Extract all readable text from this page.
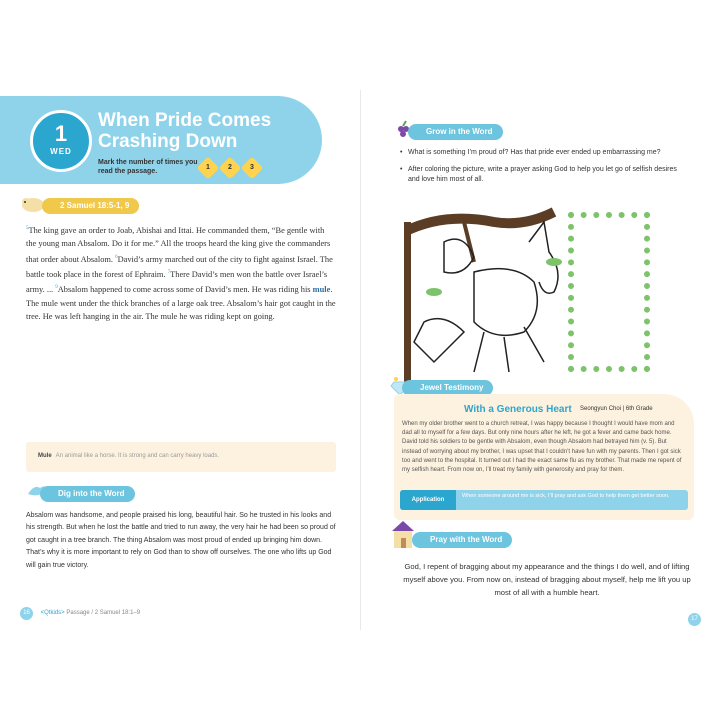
1
WED
When Pride Comes
Crashing Down
Mark the number of times you read the passage.
1	2	3
2 Samuel 18:5-1, 9
$^5$The king gave an order to Joab, Abishai and Ittai. He commanded them, “Be gentle with the young man Absalom. Do it for me.” All the troops heard the king give the commanders that order about Absalom. $^6$David’s army marched out of the city to fight against Israel. The battle took place in the forest of Ephraim. $^7$There David’s men won the battle over Israel’s army. ... $^9$Absalom happened to come across some of David’s men. He was riding his mule. The mule went under the thick branches of a large oak tree. Absalom’s hair got caught in the tree. He was left hanging in the air. The mule he was riding kept on going.
Mule An animal like a horse. It is strong and can carry heavy loads.
Dig into the Word
Absalom was handsome, and people praised his long, beautiful hair. So he trusted in his looks and his strength. But when he lost the battle and tried to run away, the very hair he had been so proud of got caught in a tree branch. The thing Absalom was most proud of ended up bringing him down. That’s why it is more important to rely on God than to show off ourselves. The one who lifts up God will gain true victory.
16 <Qtkids> Passage / 2 Samuel 18:1–9
Grow in the Word
• What is something I’m proud of? Has that pride ever ended up embarrassing me?
• After coloring the picture, write a prayer asking God to help you let go of selfish desires and love him most of all.
Jewel Testimony
With a Generous Heart Seongyun Choi | 6th Grade
When my older brother went to a church retreat, I was happy because I thought I would have mom and dad all to myself for a few days. But only nine hours after he left, he got a fever and came back home. David told his soldiers to be gentle with Absalom, even though Absalom had betrayed him (v. 5). But instead of worrying about my brother, I was upset that I couldn’t have fun with my parents. Then I got sick too and went to the hospital. It turned out I had the exact same flu as my brother. That made me repent of my selfish heart. From now on, I’ll treat my family with generosity and pray for them.
Application
When someone around me is sick, I’ll pray and ask God to help them get better soon.
Pray with the Word
God, I repent of bragging about my appearance and the things I do well, and of lifting myself above you. From now on, instead of bragging about myself, help me lift you up most of all with a humble heart.
17
